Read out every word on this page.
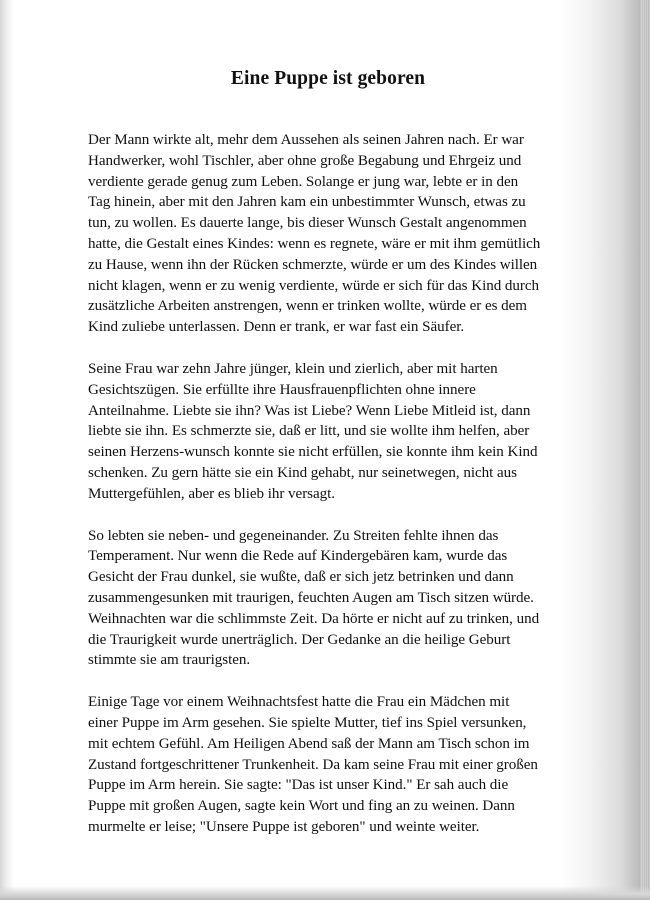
Eine Puppe ist geboren

Der Mann wirkte alt, mehr dem Aussehen als seinen Jahren nach. Er war
Handwerker, wohl Tischler, aber ohne große Begabung und Ehrgeiz und
verdiente gerade genug zum Leben. Solange er jung war, lebte er in den
Tag hinein, aber mit den Jahren kam ein unbestimmter Wunsch, etwas zu
tun, zu wollen. Es dauerte lange, bis dieser Wunsch Gestalt angenommen
hatte, die Gestalt eines Kindes: wenn es regnete, wäre er mit ihm gemütlich
zu Hause, wenn ihn der Rücken schmerzte, würde er um des Kindes willen
nicht klagen, wenn er zu wenig verdiente, würde er sich für das Kind durch
zusätzliche Arbeiten anstrengen, wenn er trinken wollte, würde er es dem
Kind zuliebe unterlassen. Denn er trank, er war fast ein Säufer.

Seine Frau war zehn Jahre jünger, klein und zierlich, aber mit harten
Gesichtszügen. Sie erfüllte ihre Hausfrauenpflichten ohne innere
Anteilnahme. Liebte sie ihn? Was ist Liebe? Wenn Liebe Mitleid ist, dann
liebte sie ihn. Es schmerzte sie, daß er litt, und sie wollte ihm helfen, aber
seinen Herzens-wunsch konnte sie nicht erfüllen, sie konnte ihm kein Kind
schenken. Zu gern hätte sie ein Kind gehabt, nur seinetwegen, nicht aus
Muttergefühlen, aber es blieb ihr versagt.

So lebten sie neben- und gegeneinander. Zu Streiten fehlte ihnen das
Temperament. Nur wenn die Rede auf Kindergebären kam, wurde das
Gesicht der Frau dunkel, sie wußte, daß er sich jetz betrinken und dann
zusammengesunken mit traurigen, feuchten Augen am Tisch sitzen würde.
Weihnachten war die schlimmste Zeit. Da hörte er nicht auf zu trinken, und
die Traurigkeit wurde unerträglich. Der Gedanke an die heilige Geburt
stimmte sie am traurigsten.

Einige Tage vor einem Weihnachtsfest hatte die Frau ein Mädchen mit
einer Puppe im Arm gesehen. Sie spielte Mutter, tief ins Spiel versunken,
mit echtem Gefühl. Am Heiligen Abend saß der Mann am Tisch schon im
Zustand fortgeschrittener Trunkenheit. Da kam seine Frau mit einer großen
Puppe im Arm herein. Sie sagte: "Das ist unser Kind." Er sah auch die
Puppe mit großen Augen, sagte kein Wort und fing an zu weinen. Dann
murmelte er leise; "Unsere Puppe ist geboren" und weinte weiter.
